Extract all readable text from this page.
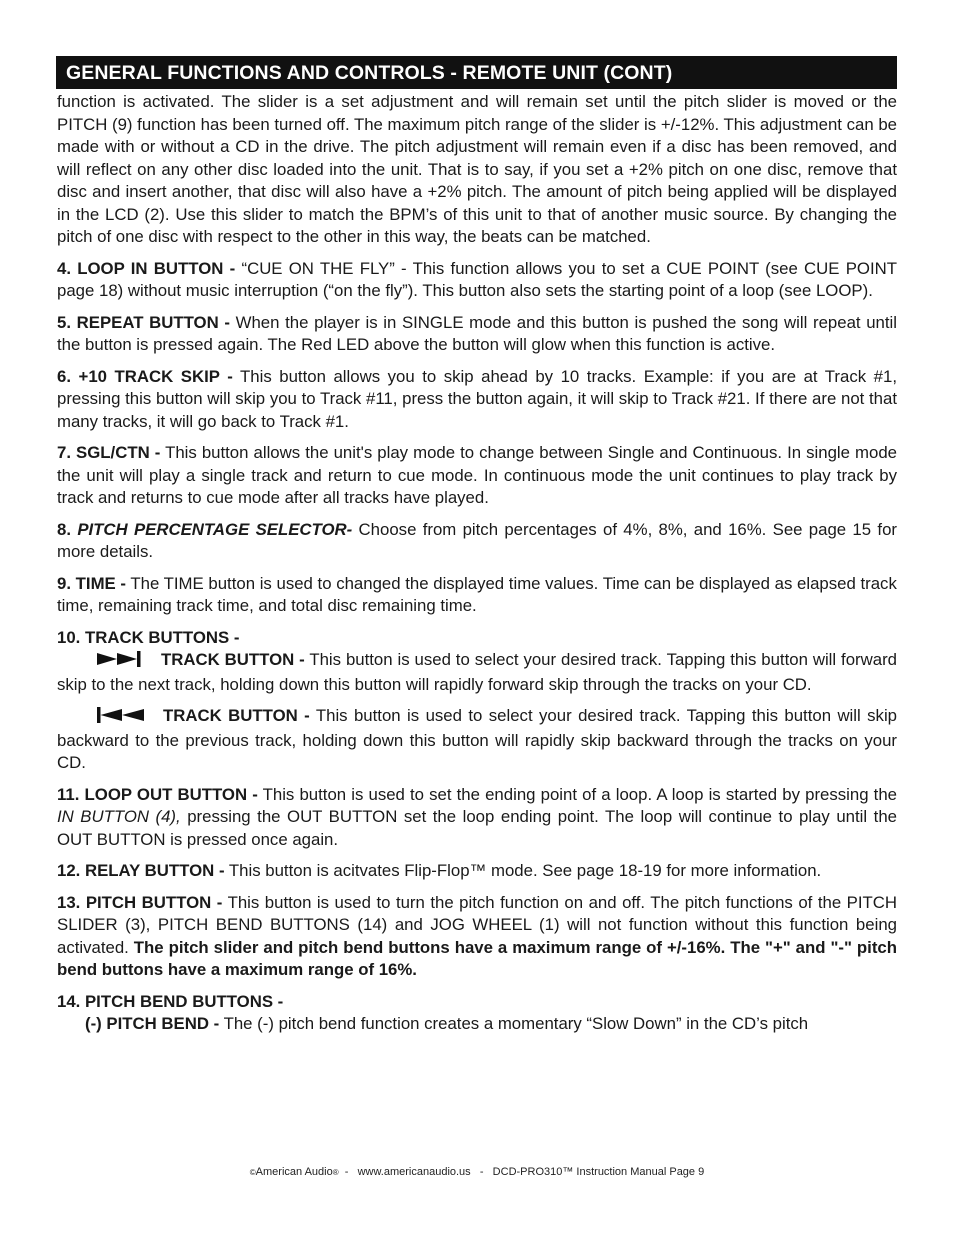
GENERAL FUNCTIONS AND CONTROLS - REMOTE UNIT (CONT)

function is activated. The slider is a set adjustment and will remain set until the pitch slider is moved or the PITCH (9) function has been turned off. The maximum pitch range of the slider is +/-12%. This adjustment can be made with or without a CD in the drive. The pitch adjustment will remain even if a disc has been removed, and will reflect on any other disc loaded into the unit. That is to say, if you set a +2% pitch on one disc, remove that disc and insert another, that disc will also have a +2% pitch. The amount of pitch being applied will be displayed in the LCD (2). Use this slider to match the BPM’s of this unit to that of another music source. By changing the pitch of one disc with respect to the other in this way, the beats can be matched.

4. LOOP IN BUTTON - “CUE ON THE FLY” - This function allows you to set a CUE POINT (see CUE POINT page 18) without music interruption (“on the fly”). This button also sets the starting point of a loop (see LOOP).

5. REPEAT BUTTON - When the player is in SINGLE mode and this button is pushed the song will repeat until the button is pressed again. The Red LED above the button will glow when this function is active.

6. +10 TRACK SKIP - This button allows you to skip ahead by 10 tracks. Example: if you are at Track #1, pressing this button will skip you to Track #11, press the button again, it will skip to Track #21. If there are not that many tracks, it will go back to Track #1.

7. SGL/CTN - This button allows the unit's play mode to change between Single and Continuous. In single mode the unit will play a single track and return to cue mode. In continuous mode the unit continues to play track by track and returns to cue mode after all tracks have played.

8. PITCH PERCENTAGE SELECTOR- Choose from pitch percentages of 4%, 8%, and 16%. See page 15 for more details.

9. TIME - The TIME button is used to changed the displayed time values. Time can be displayed as elapsed track time, remaining track time, and total disc remaining time.

10. TRACK BUTTONS -

TRACK BUTTON - This button is used to select your desired track. Tapping this button will forward skip to the next track, holding down this button will rapidly forward skip through the tracks on your CD.

TRACK BUTTON - This button is used to select your desired track. Tapping this button will skip backward to the previous track, holding down this button will rapidly skip backward through the tracks on your CD.

11. LOOP OUT BUTTON - This button is used to set the ending point of a loop. A loop is started by pressing the IN BUTTON (4), pressing the OUT BUTTON set the loop ending point. The loop will continue to play until the OUT BUTTON is pressed once again.

12. RELAY BUTTON - This button is acitvates Flip-Flop™ mode. See page 18-19 for more information.

13. PITCH BUTTON - This button is used to turn the pitch function on and off. The pitch functions of the PITCH SLIDER (3), PITCH BEND BUTTONS (14) and JOG WHEEL (1) will not function without this function being activated. The pitch slider and pitch bend buttons have a maximum range of +/-16%. The "+" and "-" pitch bend buttons have a maximum range of 16%.

14. PITCH BEND BUTTONS -

(-) PITCH BEND - The (-) pitch bend function creates a momentary “Slow Down” in the CD’s pitch

©American Audio®  -   www.americanaudio.us   -   DCD-PRO310™ Instruction Manual Page 9
